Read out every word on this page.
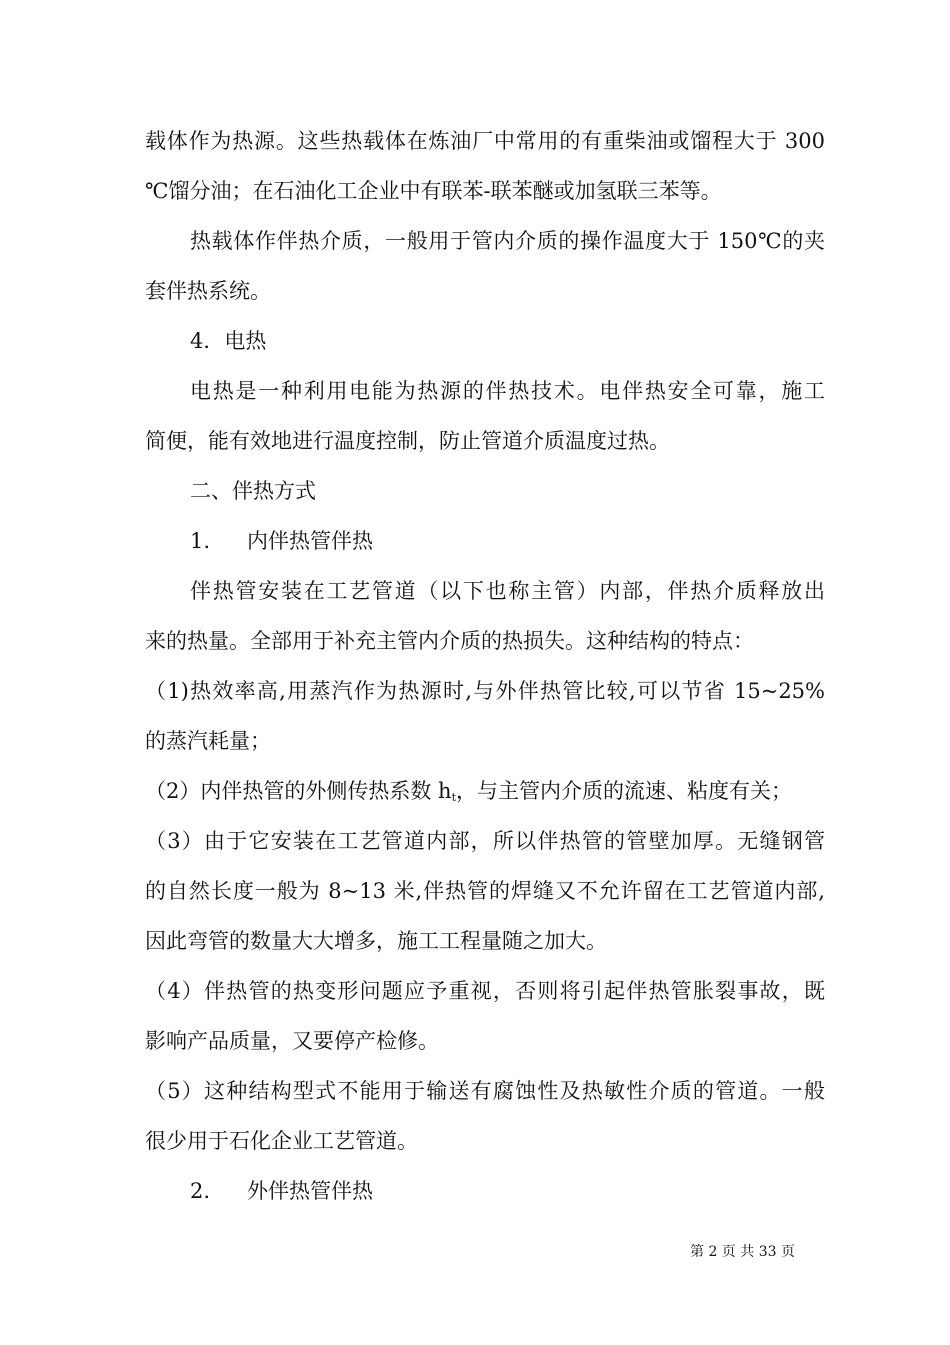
载体作为热源。这些热载体在炼油厂中常用的有重柴油或馏程大于 300
℃馏分油；在石油化工企业中有联苯-联苯醚或加氢联三苯等。
热载体作伴热介质，一般用于管内介质的操作温度大于 150℃的夹
套伴热系统。
4．电热
电热是一种利用电能为热源的伴热技术。电伴热安全可靠，施工
简便，能有效地进行温度控制，防止管道介质温度过热。
二、伴热方式
1. 内伴热管伴热
伴热管安装在工艺管道（以下也称主管）内部，伴热介质释放出
来的热量。全部用于补充主管内介质的热损失。这种结构的特点：
（1)热效率高,用蒸汽作为热源时,与外伴热管比较,可以节省 15~25%
的蒸汽耗量；
（2）内伴热管的外侧传热系数 $h_t$，与主管内介质的流速、粘度有关；
（3）由于它安装在工艺管道内部，所以伴热管的管壁加厚。无缝钢管
的自然长度一般为 8~13 米,伴热管的焊缝又不允许留在工艺管道内部,
因此弯管的数量大大增多，施工工程量随之加大。
（4）伴热管的热变形问题应予重视，否则将引起伴热管胀裂事故，既
影响产品质量，又要停产检修。
（5）这种结构型式不能用于输送有腐蚀性及热敏性介质的管道。一般
很少用于石化企业工艺管道。
2. 外伴热管伴热
第 2 页 共 33 页
